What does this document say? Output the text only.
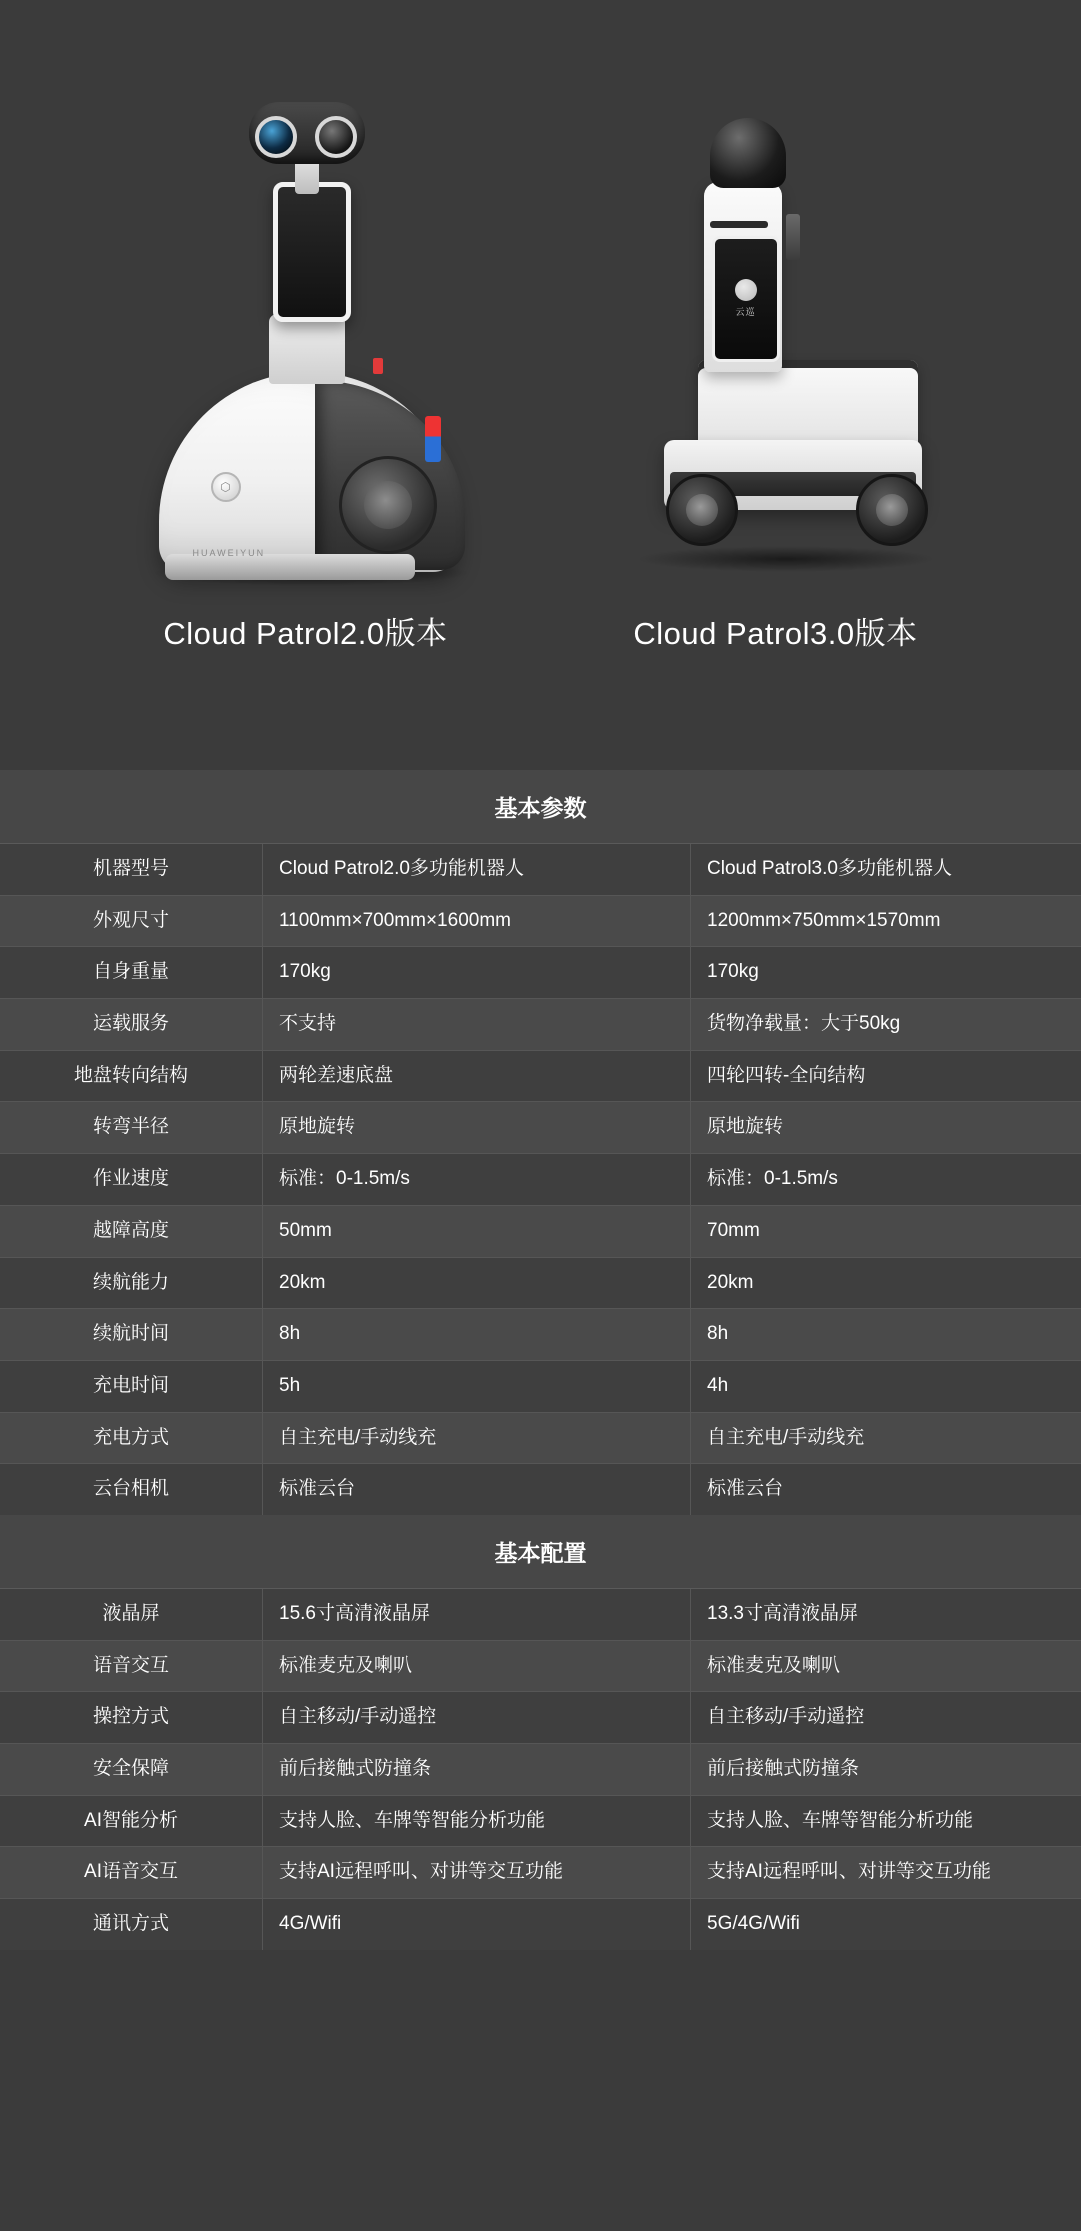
⬡
HUAWEIYUN
云巡
Cloud Patrol2.0版本	Cloud Patrol3.0版本
基本参数
机器型号	Cloud Patrol2.0多功能机器人	Cloud Patrol3.0多功能机器人
外观尺寸	1100mm×700mm×1600mm	1200mm×750mm×1570mm
自身重量	170kg	170kg
运载服务	不支持	货物净载量：大于50kg
地盘转向结构	两轮差速底盘	四轮四转-全向结构
转弯半径	原地旋转	原地旋转
作业速度	标准：0-1.5m/s	标准：0-1.5m/s
越障高度	50mm	70mm
续航能力	20km	20km
续航时间	8h	8h
充电时间	5h	4h
充电方式	自主充电/手动线充	自主充电/手动线充
云台相机	标准云台	标准云台
基本配置
液晶屏	15.6寸高清液晶屏	13.3寸高清液晶屏
语音交互	标准麦克及喇叭	标准麦克及喇叭
操控方式	自主移动/手动遥控	自主移动/手动遥控
安全保障	前后接触式防撞条	前后接触式防撞条
AI智能分析	支持人脸、车牌等智能分析功能	支持人脸、车牌等智能分析功能
AI语音交互	支持AI远程呼叫、对讲等交互功能	支持AI远程呼叫、对讲等交互功能
通讯方式	4G/Wifi	5G/4G/Wifi
